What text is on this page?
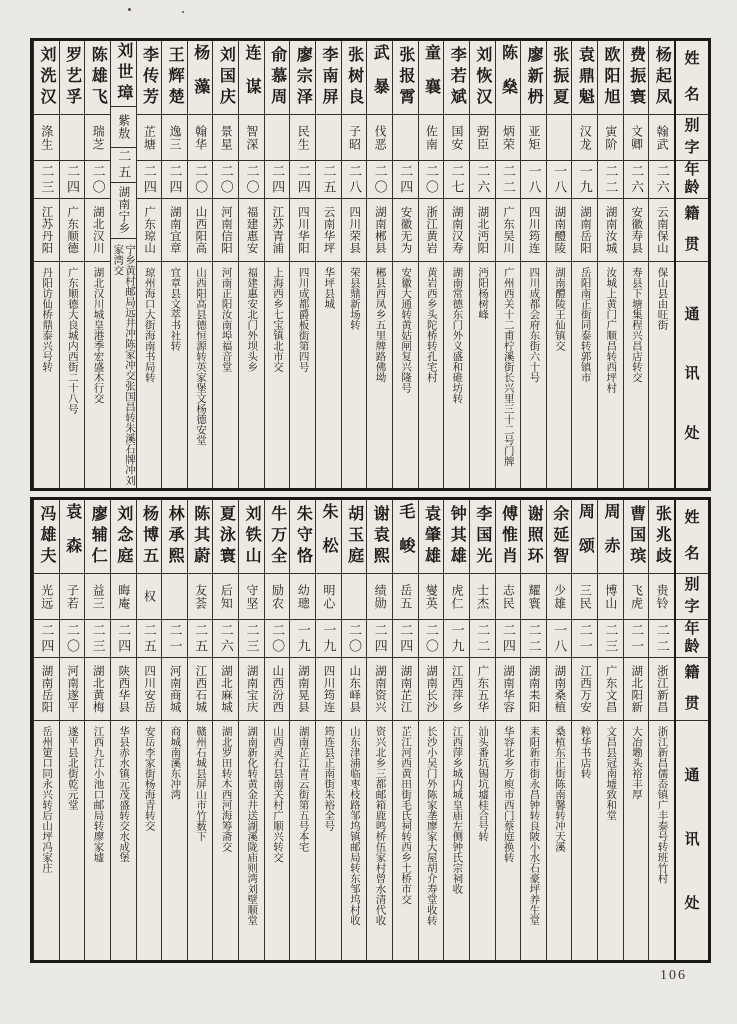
姓
名
别
字
年
龄
籍
贯
通
讯
处
杨起凤
翰武
二六
云南保山
保山县由旺街
费振寰
文卿
二六
安徽寿县
寿县下塘集程兴昌店转交
欧阳旭
寅阶
二二
湖南汝城
汝城上黄门广顺昌转西坪村
袁鼎魁
汉龙
一九
湖南岳阳
岳阳南正街同泰转郭镇市
张振夏
一八
湖南醴陵
湖南醴陵王仙镇交
廖新枬
亚矩
一八
四川筠连
四川成都会府东街六十号
陈燊
炳荣
二二
广东吴川
广州西关十二甫柠溪街长兴里三十二号门牌
刘恢汉
弼臣
二六
湖北沔阳
沔阳杨树峰
李若斌
国安
二七
湖南汉寿
湖南常德东门外义盛和碓坊转
童襄
佐南
二〇
浙江黄岩
黄岩西乡头陀桥转孔宅村
张报霄
二四
安徽无为
安徽大通转黄姑闸复兴隆号
武暴
伐恶
二〇
湖南郴县
郴县西凤乡五里牌路佛坳
张树良
子昭
二八
四川荣县
荣县鼎新场转
李南屏
二五
云南华坪
华坪县城
廖宗泽
民生
二四
四川华阳
四川成都爵板街第四号
俞慕周
二四
江苏青浦
上海西乡七宝镇北市交
连谋
智深
二〇
福建惠安
福建惠安北门外坝头乡
刘国庆
景星
二〇
河南信阳
河南正阳汝南埠福音堂
杨藻
翰华
二〇
山西阳高
山西阳高县德恒源转英家堡文杨德安堂
王辉楚
逸三
二四
湖南宜章
宜章县文萃书社转
李传芳
芷塘
二四
广东琼山
琼州海口大街海南书局转
刘世璋
紫敖
二五
湖南宁乡
宁乡黄村邮局远井冲陈家冲交张国昌转朱溪石牌冲刘家湾交
陈雄飞
瑞芝
二〇
湖北汉川
湖北汉川城皇港季宏盛木行交
罗艺孚
二四
广东顺德
广东顺德大良城内西街二十八号
刘洗汉
涤生
二三
江苏丹阳
丹阳访仙桥鼎泰兴号转
姓
名
别
字
年
龄
籍
贯
通
讯
处
张兆歧
贵铃
二二
浙江新昌
浙江新昌儒岙镇广丰泰号转班竹村
曹国瑸
飞虎
二一
湖北阳新
大冶墈头裕丰厚
周赤
博山
二三
广东文昌
文昌县冠南墟致和堂
周颂
三民
二一
江西万安
粹华书店转
余延智
少雄
一八
湖南桑植
桑植东正街陈南馨转冲天溪
谢照环
耀寰
二二
湖南耒阳
耒阳新市街永昌钟转良陂小水石豪坪养生堂
傅惟肖
志民
二四
湖南华容
华容北乡万庾市西门蔡庭换转
李国光
士杰
二二
广东五华
汕头番坑锡坑墟桂合号转
钟其雄
虎仁
一九
江西萍乡
江西萍乡城内城皇庙左侧钟氏宗祠收
袁肇雄
燮英
二〇
湖南长沙
长沙小吴门外陈家垄廖家大屋胡介寿堂收转
毛峻
岳五
二四
湖南芷江
芷江河西黄田街毛氏祠转西乡土桥市交
谢袁熙
绩勋
二四
湖南资兴
资兴北乡三都邮箱鹿鸣桥伍家村曾水清代收
胡玉庭
二〇
山东峄县
山东津浦临枣枝路邹坞镇邮局转东邹坞村收
朱松
明心
一九
四川筠连
筠连县正南街朱裕全号
朱守恪
幼璁
一九
湖南晃县
湖南芷江青云街第五号本宅
牛万全
励农
二〇
山西汾西
山西灵石县南关村广顺兴转交
刘铁山
守坚
二三
湖南宝庆
湖南新化转黄金井送湖溪陇庙则湾刘壁顺堂
夏泳寰
后知
二六
湖北麻城
湖北罗田转木西河海筹斋交
陈其蔚
友荟
二五
江西石城
赣州石城县屏山市竹薮下
林承熙
二一
河南商城
商城南溪东冲湾
杨博五
权
二五
四川安岳
安岳李家街杨海青转交
刘念庭
晦庵
二四
陕西华县
华县赤水镇元茂盛转交水成堡
廖辅仁
益三
二三
湖北黄梅
江西九江小池口邮局转廖家墟
袁森
子若
二〇
河南遂平
遂平县北街乾元堂
冯雄夫
光远
二四
湖南岳阳
岳州筻口同永兴转后山坪冯家庄
106
